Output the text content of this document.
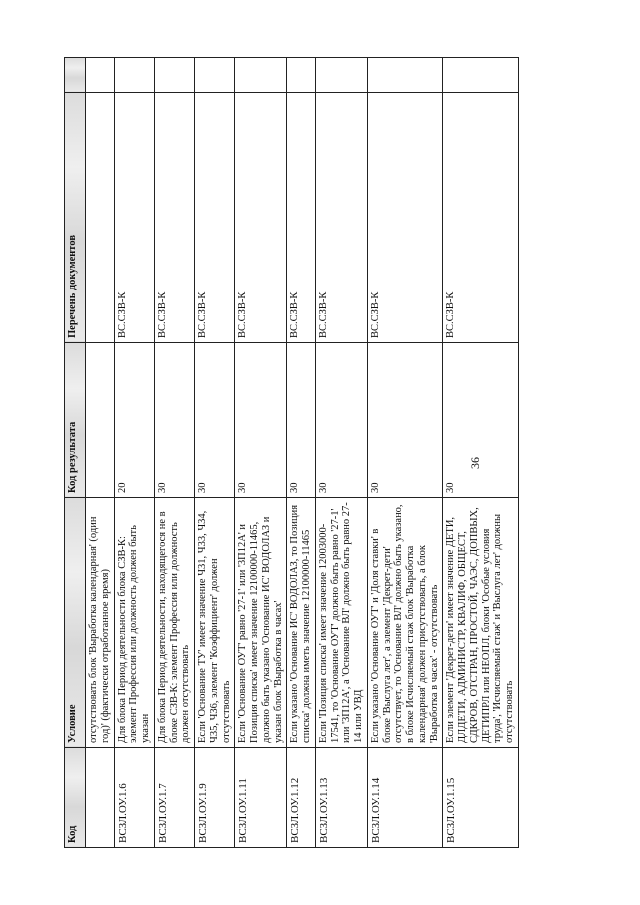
36
Код	Условие	Код результата	Перечень документов	
	отсутствовать блок 'Выработка календарная' (один год)' (фактически отработанное время)			
ВСЗЛ.ОУ.1.6	Для блока Период деятельности блока СЗВ-К: элемент Профессия или должность должен быть указан	20	ВС.СЗВ-К	
ВСЗЛ.ОУ.1.7	Для блока Период деятельности, находящегося не в блоке СЗВ-К: элемент Профессия или должность должен отсутствовать	30	ВС.СЗВ-К	
ВСЗЛ.ОУ.1.9	Если 'Основание ТУ' имеет значение Ч31, Ч33, Ч34, Ч35, Ч36, элемент 'Коэффициент' должен отсутствовать	30	ВС.СЗВ-К	
ВСЗЛ.ОУ.1.11	Если 'Основание ОУТ' равно '27-1' или '3П12А' и Позиция списка' имеет значение 12100000-11465, должно быть указано 'Основание ИС' ВОДОЛАЗ и указан блок 'Выработка в часах'	30	ВС.СЗВ-К	
ВСЗЛ.ОУ.1.12	Если указано 'Основание ИС' ВОДОЛАЗ, то Позиция списка' должна иметь значение 12100000-11465	30	ВС.СЗВ-К	
ВСЗЛ.ОУ.1.13	Если 'Позиция списка' имеет значение 12003000-17541, то 'Основание ОУТ' должно быть равно '27-1' или '3П12А', а 'Основание ВЛ' должно быть равно 27-14 или УВД	30	ВС.СЗВ-К	
ВСЗЛ.ОУ.1.14	Если указано 'Основание ОУТ' и 'Доля ставки' в блоке 'Выслуга лет', а элемент 'Декрет-дети' отсутствует, то 'Основание ВЛ' должно быть указано, в блоке Исчисляемый стаж блок 'Выработка календарная' должен присутствовать, а блок 'Выработка в часах' - отсутствовать	30	ВС.СЗВ-К	
ВСЗЛ.ОУ.1.15	Если элемент 'Декрет-дети' имеет значение ДЕТИ, ДЛДЕТИ, АДМИНИСТР, КВАЛИФ, ОБЩЕСТ, СДКРОВ, ОТСТРАН, ПРОСТОЙ, ЧАЭС, ДОПВЫХ, ДЕТИПРЛ или НЕОПЛ, блоки 'Особые условия труда', 'Исчисляемый стаж' и 'Выслуга лет' должны отсутствовать	30	ВС.СЗВ-К	
